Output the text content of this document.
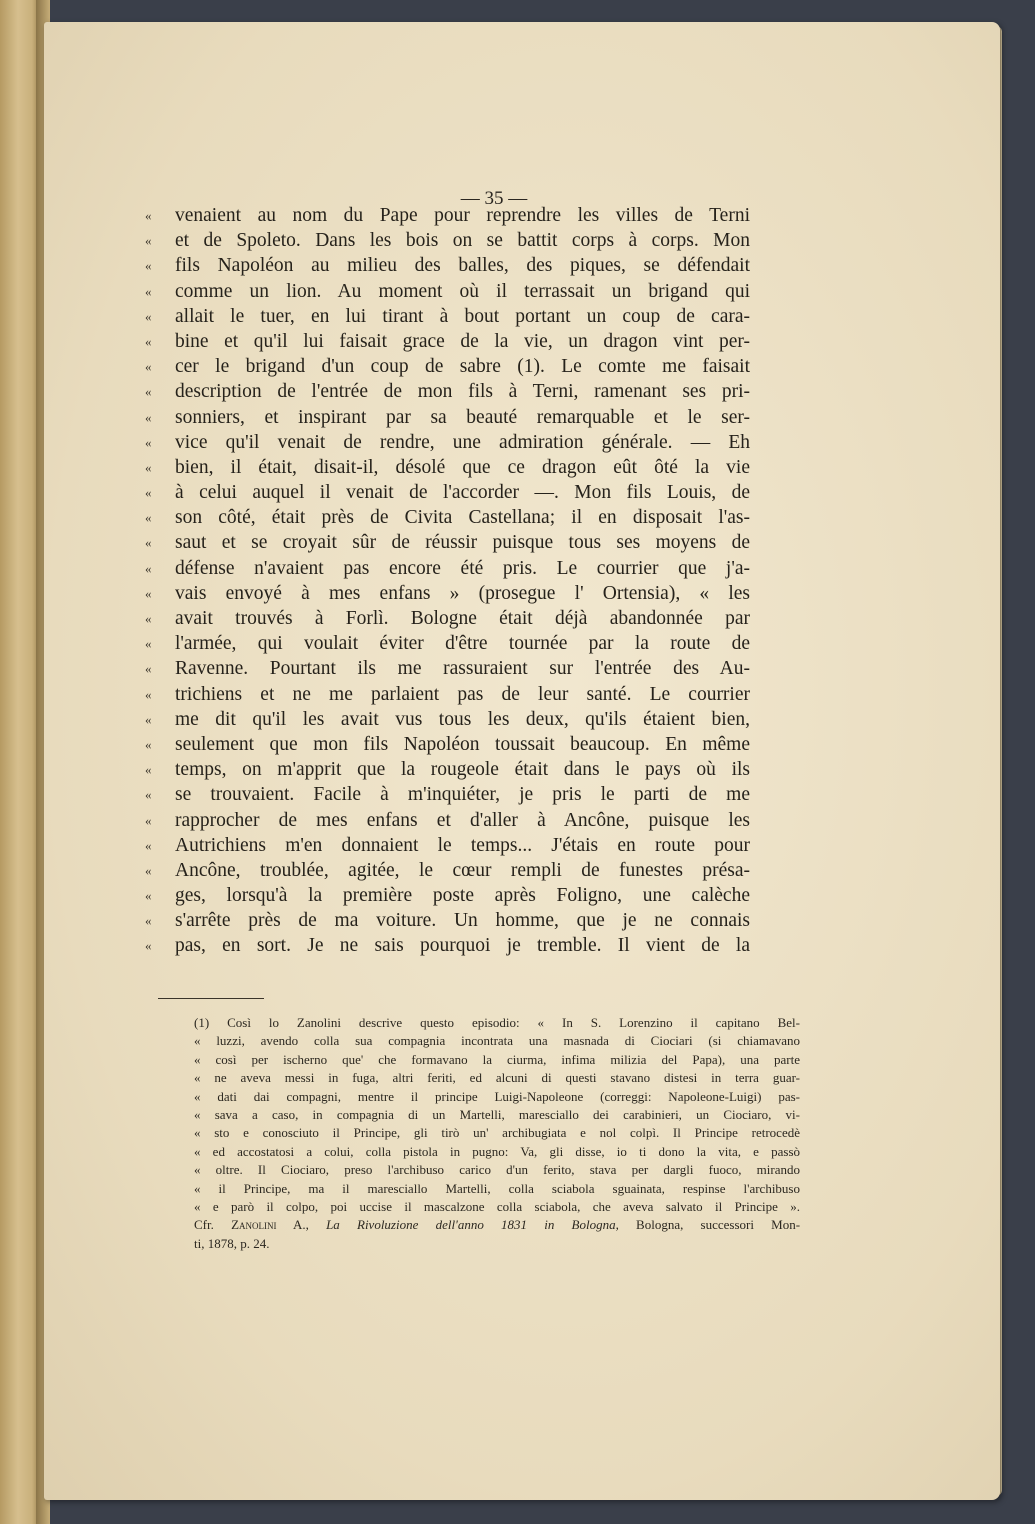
— 35 —
« venaient au nom du Pape pour reprendre les villes de Terni
« et de Spoleto. Dans les bois on se battit corps à corps. Mon
« fils Napoléon au milieu des balles, des piques, se défendait
« comme un lion. Au moment où il terrassait un brigand qui
« allait le tuer, en lui tirant à bout portant un coup de cara-
« bine et qu'il lui faisait grace de la vie, un dragon vint per-
« cer le brigand d'un coup de sabre (1). Le comte me faisait
« description de l'entrée de mon fils à Terni, ramenant ses pri-
« sonniers, et inspirant par sa beauté remarquable et le ser-
« vice qu'il venait de rendre, une admiration générale. — Eh
« bien, il était, disait-il, désolé que ce dragon eût ôté la vie
« à celui auquel il venait de l'accorder —. Mon fils Louis, de
« son côté, était près de Civita Castellana; il en disposait l'as-
« saut et se croyait sûr de réussir puisque tous ses moyens de
« défense n'avaient pas encore été pris. Le courrier que j'a-
« vais envoyé à mes enfans » (prosegue l' Ortensia), « les
« avait trouvés à Forlì. Bologne était déjà abandonnée par
« l'armée, qui voulait éviter d'être tournée par la route de
« Ravenne. Pourtant ils me rassuraient sur l'entrée des Au-
« trichiens et ne me parlaient pas de leur santé. Le courrier
« me dit qu'il les avait vus tous les deux, qu'ils étaient bien,
« seulement que mon fils Napoléon toussait beaucoup. En même
« temps, on m'apprit que la rougeole était dans le pays où ils
« se trouvaient. Facile à m'inquiéter, je pris le parti de me
« rapprocher de mes enfans et d'aller à Ancône, puisque les
« Autrichiens m'en donnaient le temps... J'étais en route pour
« Ancône, troublée, agitée, le cœur rempli de funestes présa-
« ges, lorsqu'à la première poste après Foligno, une calèche
« s'arrête près de ma voiture. Un homme, que je ne connais
« pas, en sort. Je ne sais pourquoi je tremble. Il vient de la
(1) Così lo Zanolini descrive questo episodio: « In S. Lorenzino il capitano Bel-
« luzzi, avendo colla sua compagnia incontrata una masnada di Ciociari (si chiamavano
« così per ischerno que' che formavano la ciurma, infima milizia del Papa), una parte
« ne aveva messi in fuga, altri feriti, ed alcuni di questi stavano distesi in terra guar-
« dati dai compagni, mentre il principe Luigi-Napoleone (correggi: Napoleone-Luigi) pas-
« sava a caso, in compagnia di un Martelli, maresciallo dei carabinieri, un Ciociaro, vi-
« sto e conosciuto il Principe, gli tirò un' archibugiata e nol colpì. Il Principe retrocedè
« ed accostatosi a colui, colla pistola in pugno: Va, gli disse, io ti dono la vita, e passò
« oltre. Il Ciociaro, preso l'archibuso carico d'un ferito, stava per dargli fuoco, mirando
« il Principe, ma il maresciallo Martelli, colla sciabola sguainata, respinse l'archibuso
« e parò il colpo, poi uccise il mascalzone colla sciabola, che aveva salvato il Principe ».
Cfr. Zanolini A., La Rivoluzione dell'anno 1831 in Bologna, Bologna, successori Mon-
ti, 1878, p. 24.
